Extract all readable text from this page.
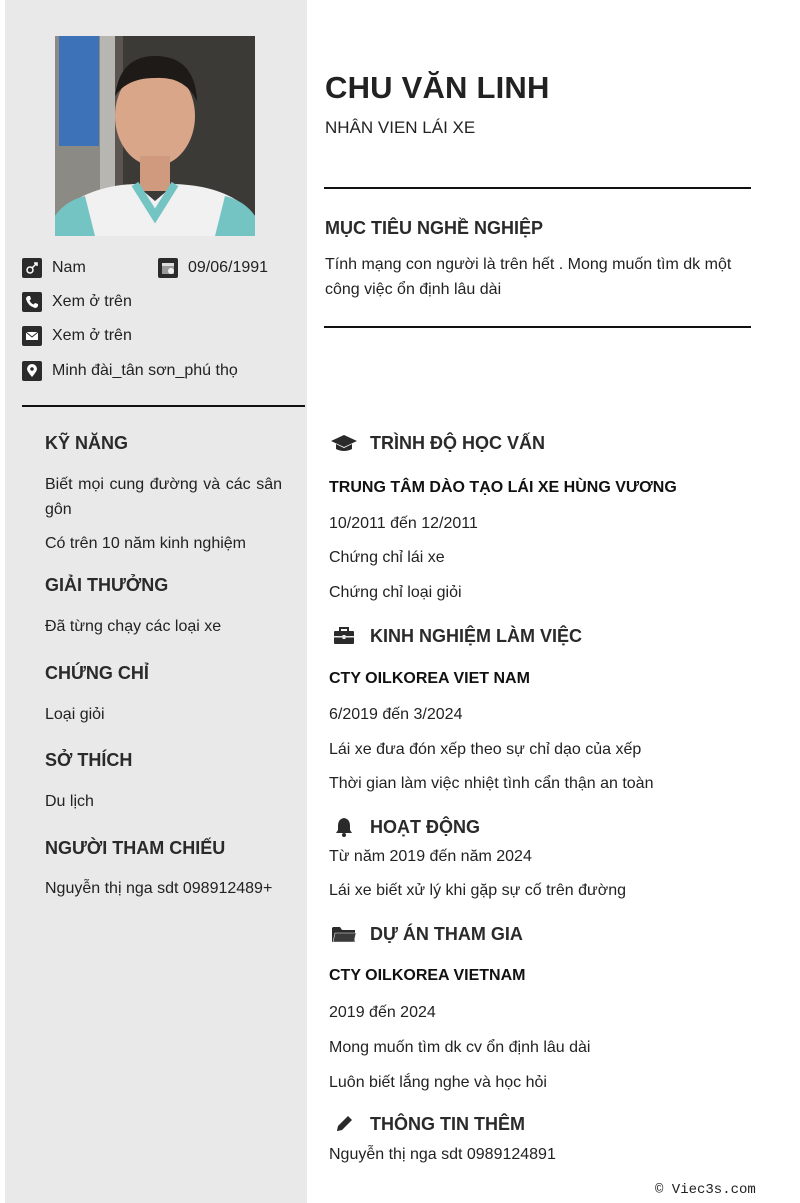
Nam	09/06/1991
Xem ở trên
Xem ở trên
Minh đài_tân sơn_phú thọ
KỸ NĂNG
Biết mọi cung đường và các sân gôn
Có trên 10 năm kinh nghiệm
GIẢI THƯỞNG
Đã từng chạy các loại xe
CHỨNG CHỈ
Loại giỏi
SỞ THÍCH
Du lịch
NGƯỜI THAM CHIẾU
Nguyễn thị nga sdt 098912489+
CHU VĂN LINH
NHÂN VIEN LÁI XE
MỤC TIÊU NGHỀ NGHIỆP
Tính mạng con người là trên hết . Mong muốn tìm dk một công việc ổn định lâu dài
TRÌNH ĐỘ HỌC VẤN
TRUNG TÂM DÀO TẠO LÁI XE HÙNG VƯƠNG
10/2011 đến 12/2011
Chứng chỉ lái xe
Chứng chỉ loại giỏi
KINH NGHIỆM LÀM VIỆC
CTY OILKOREA VIET NAM
6/2019 đến 3/2024
Lái xe đưa đón xếp theo sự chỉ dạo của xếp
Thời gian làm việc nhiệt tình cẩn thận an toàn
HOẠT ĐỘNG
Từ năm 2019 đến năm 2024
Lái xe biết xử lý khi gặp sự cố trên đường
DỰ ÁN THAM GIA
CTY OILKOREA VIETNAM
2019 đến 2024
Mong muốn tìm dk cv ổn định lâu dài
Luôn biết lắng nghe và học hỏi
THÔNG TIN THÊM
Nguyễn thị nga sdt 0989124891
© Viec3s.com
